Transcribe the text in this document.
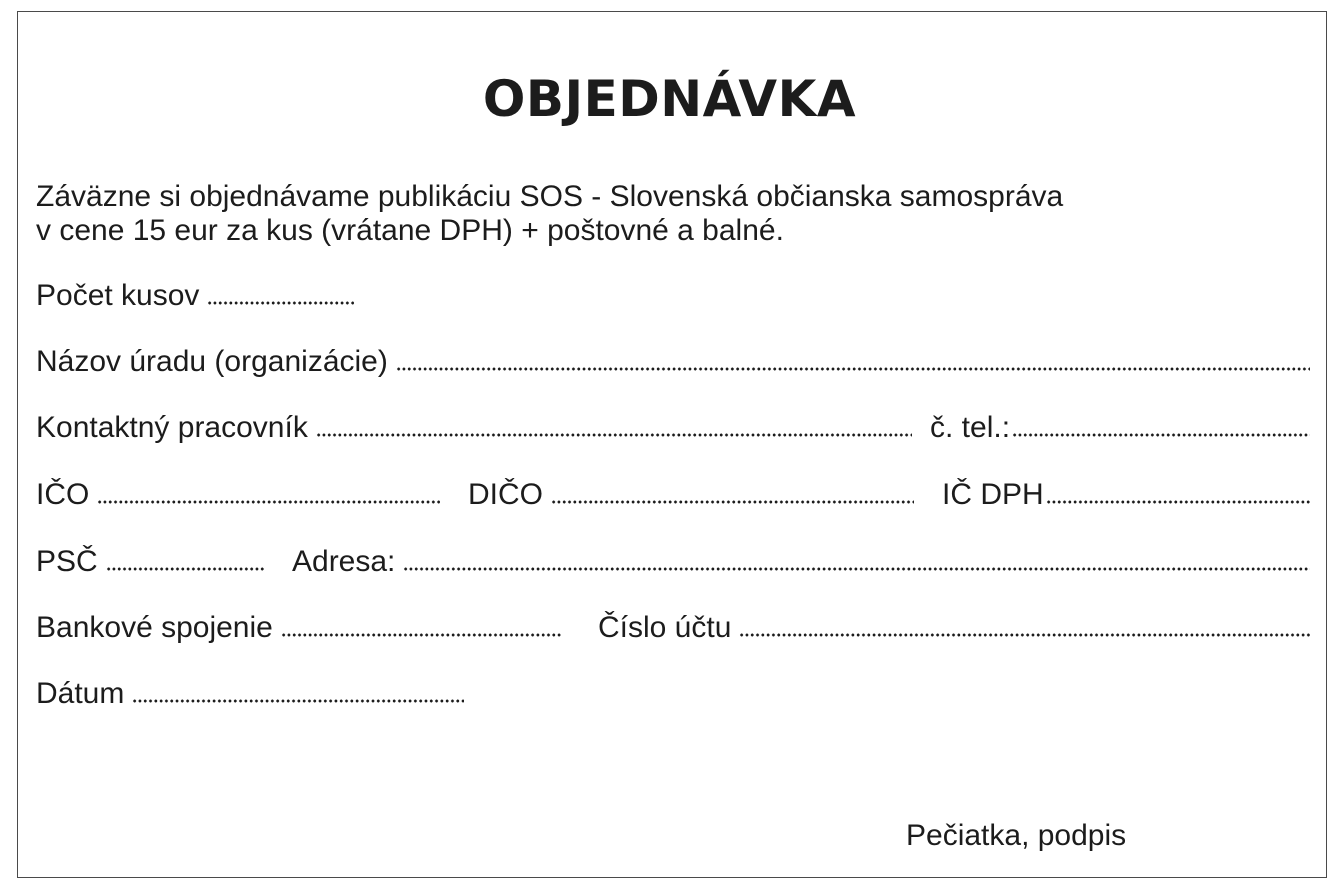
OBJEDNÁVKA

Záväzne si objednávame publikáciu SOS - Slovenská občianska samospráva
v cene 15 eur za kus (vrátane DPH) + poštovné a balné.

Počet kusov
Názov úradu (organizácie)
Kontaktný pracovník	č. tel.:
IČO	DIČO	IČ DPH
PSČ	Adresa:
Bankové spojenie	Číslo účtu
Dátum
Pečiatka, podpis
